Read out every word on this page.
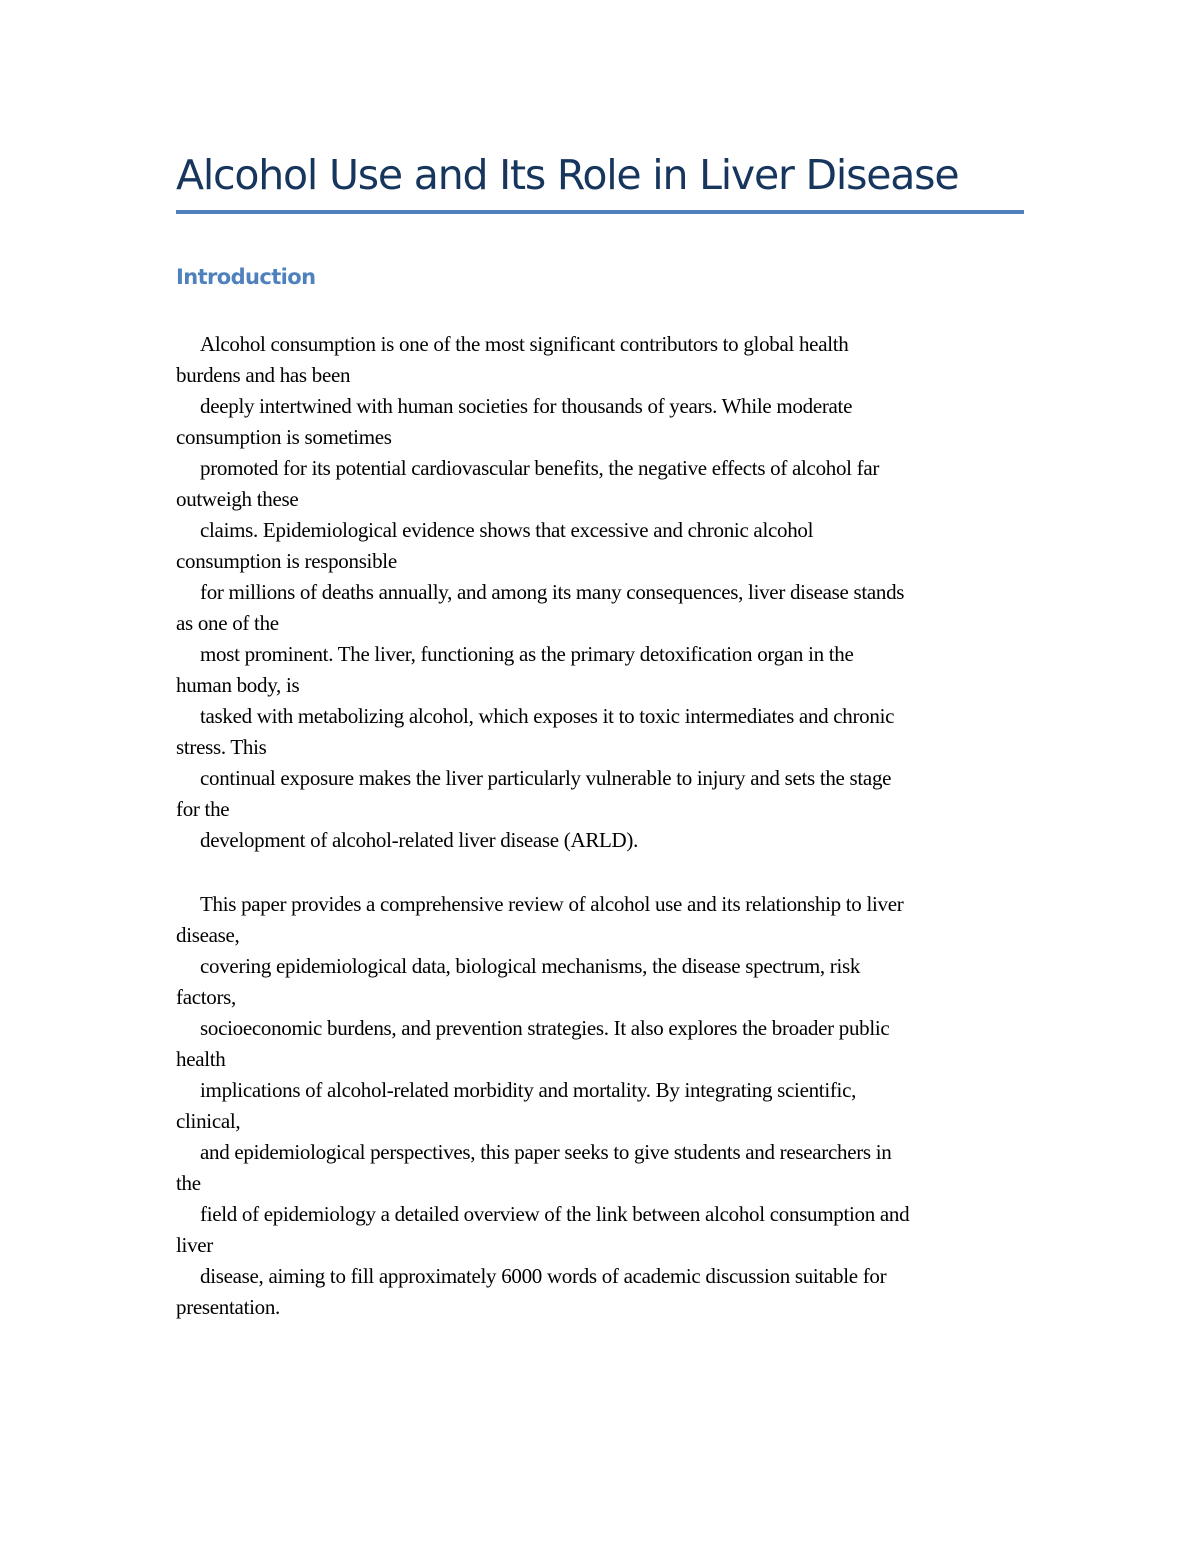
Alcohol Use and Its Role in Liver Disease
Introduction
Alcohol consumption is one of the most significant contributors to global health
burdens and has been
deeply intertwined with human societies for thousands of years. While moderate
consumption is sometimes
promoted for its potential cardiovascular benefits, the negative effects of alcohol far
outweigh these
claims. Epidemiological evidence shows that excessive and chronic alcohol
consumption is responsible
for millions of deaths annually, and among its many consequences, liver disease stands
as one of the
most prominent. The liver, functioning as the primary detoxification organ in the
human body, is
tasked with metabolizing alcohol, which exposes it to toxic intermediates and chronic
stress. This
continual exposure makes the liver particularly vulnerable to injury and sets the stage
for the
development of alcohol-related liver disease (ARLD).
This paper provides a comprehensive review of alcohol use and its relationship to liver
disease,
covering epidemiological data, biological mechanisms, the disease spectrum, risk
factors,
socioeconomic burdens, and prevention strategies. It also explores the broader public
health
implications of alcohol-related morbidity and mortality. By integrating scientific,
clinical,
and epidemiological perspectives, this paper seeks to give students and researchers in
the
field of epidemiology a detailed overview of the link between alcohol consumption and
liver
disease, aiming to fill approximately 6000 words of academic discussion suitable for
presentation.
